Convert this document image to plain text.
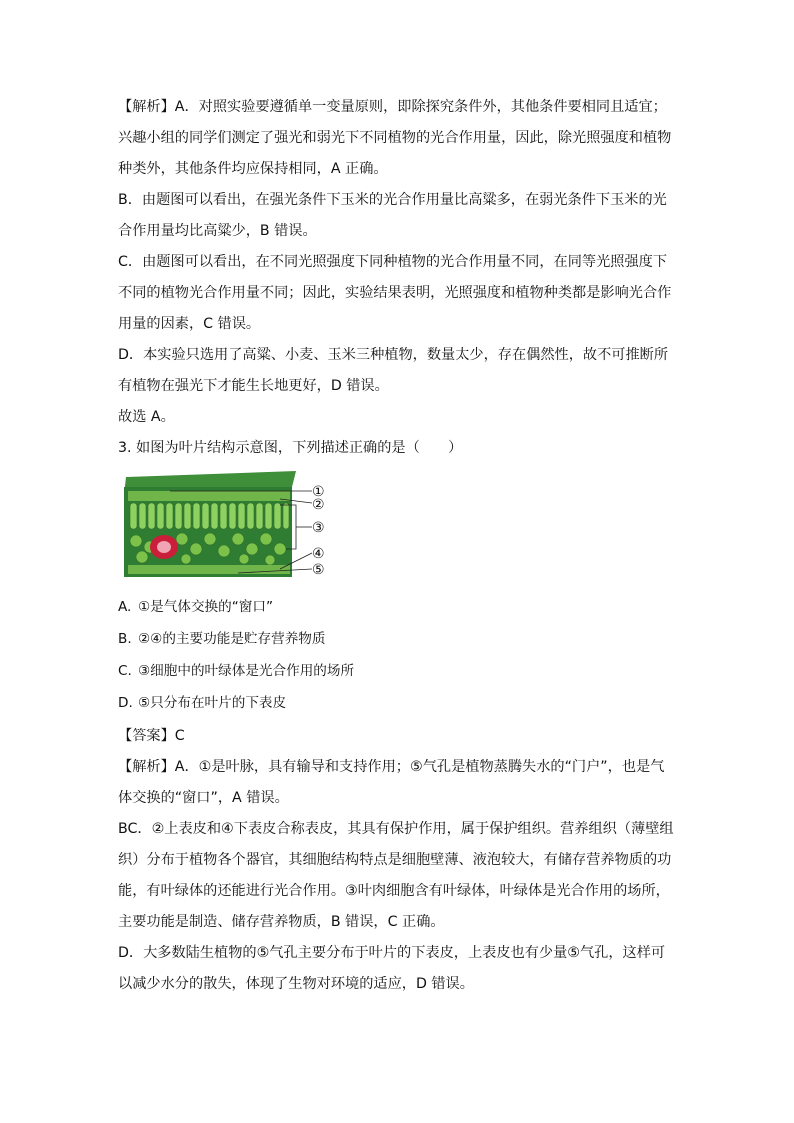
【解析】A．对照实验要遵循单一变量原则，即除探究条件外，其他条件要相同且适宜；

兴趣小组的同学们测定了强光和弱光下不同植物的光合作用量，因此，除光照强度和植物

种类外，其他条件均应保持相同，A 正确。

B．由题图可以看出，在强光条件下玉米的光合作用量比高粱多，在弱光条件下玉米的光

合作用量均比高粱少，B 错误。

C．由题图可以看出，在不同光照强度下同种植物的光合作用量不同，在同等光照强度下

不同的植物光合作用量不同；因此，实验结果表明，光照强度和植物种类都是影响光合作

用量的因素，C 错误。

D．本实验只选用了高粱、小麦、玉米三种植物，数量太少，存在偶然性，故不可推断所

有植物在强光下才能生长地更好，D 错误。

故选 A。

3. 如图为叶片结构示意图，下列描述正确的是（　　）

①
②
③
④
⑤

A. ①是气体交换的“窗口”

B. ②④的主要功能是贮存营养物质

C. ③细胞中的叶绿体是光合作用的场所

D. ⑤只分布在叶片的下表皮

【答案】C

【解析】A．①是叶脉，具有输导和支持作用；⑤气孔是植物蒸腾失水的“门户”，也是气

体交换的“窗口”，A 错误。

BC．②上表皮和④下表皮合称表皮，其具有保护作用，属于保护组织。营养组织（薄壁组

织）分布于植物各个器官，其细胞结构特点是细胞壁薄、液泡较大，有储存营养物质的功

能，有叶绿体的还能进行光合作用。③叶肉细胞含有叶绿体，叶绿体是光合作用的场所，

主要功能是制造、储存营养物质，B 错误，C 正确。

D．大多数陆生植物的⑤气孔主要分布于叶片的下表皮，上表皮也有少量⑤气孔，这样可

以减少水分的散失，体现了生物对环境的适应，D 错误。
